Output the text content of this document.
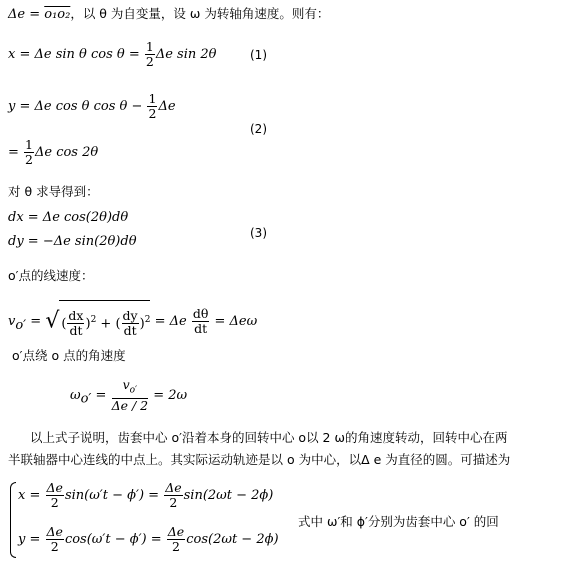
Δe = o₁o₂，以 θ 为自变量，设 ω 为转轴角速度。则有：
x = Δe sin θ $\cos \theta = \frac{1}{2}$ Δe sin 2θ	(1)
y = Δe cos θ $\cos \theta - \frac{1}{2}$ Δe
(2)
= $\frac{1}{2}$ Δe cos 2θ
对 θ 求导得到：
dx = Δe cos(2θ)dθ
dy = −Δe sin(2θ)dθ
(3)
o′点的线速度：
$v_{o'}$ = √ ( $\frac{dx}{dt} )^2$ + ( $\frac{dy}{dt} )^2 = \Delta e \frac{d\theta}{dt} = \Delta e\omega$
o′点绕 o 点的角速度
$\omega_{o'} = \frac{v_{o'}}{\Delta e / 2} = 2\omega$
以上式子说明，齿套中心 o′沿着本身的回转中心 o以 2 ω的角速度转动，回转中心在两
半联轴器中心连线的中点上。其实际运动轨迹是以 o 为中心，以Δ e 为直径的圆。可描述为
$x = \frac{\Delta e}{2} \sin(\omega't - \phi') = \frac{\Delta e}{2} \sin(2\omega t - 2\phi)$
$y = \frac{\Delta e}{2} \cos(\omega't - \phi') = \frac{\Delta e}{2} \cos(2\omega t - 2\phi)$
式中 ω′和 ϕ′分别为齿套中心 o′ 的回
